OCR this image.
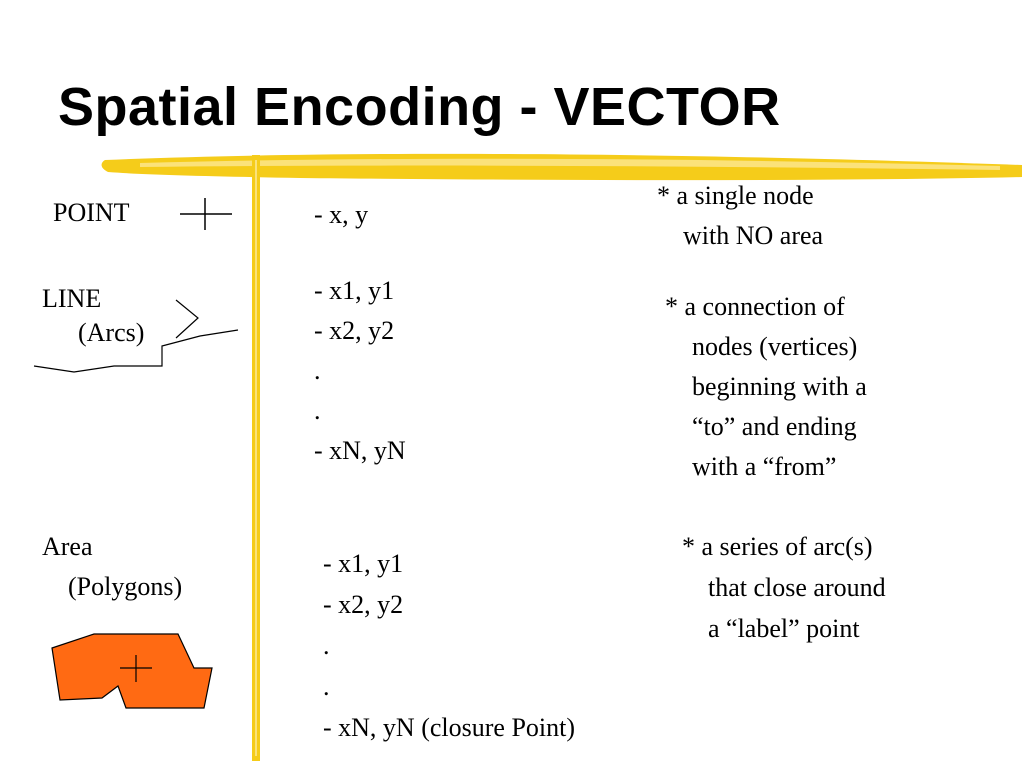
Spatial Encoding - VECTOR
POINT	- x, y
* a single node
with NO area
LINE
(Arcs)
- x1, y1
- x2, y2
.
.
- xN, yN
* a connection of
nodes (vertices)
beginning with a
“to” and ending
with a “from”
Area
(Polygons)
- x1, y1
- x2, y2
.
.
- xN, yN (closure Point)
* a series of arc(s)
that close around
a “label” point
